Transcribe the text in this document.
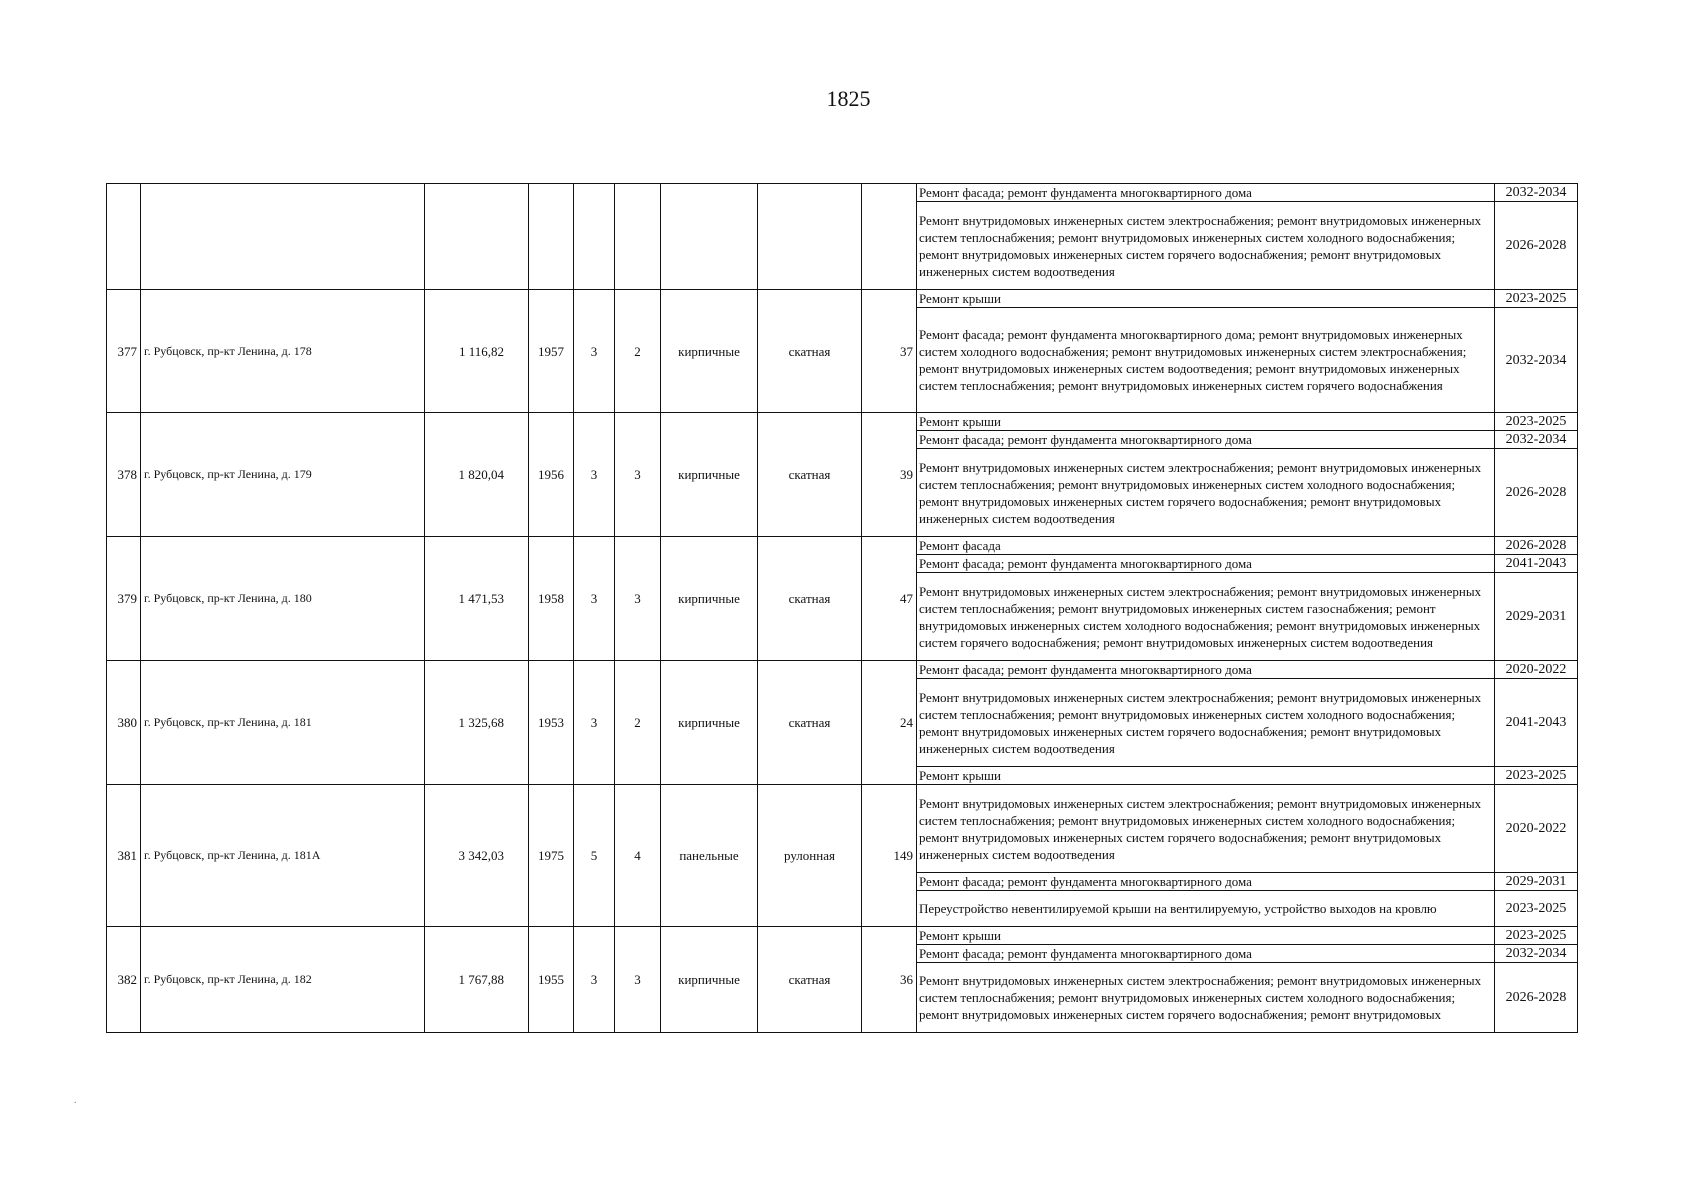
1825
									Ремонт фасада; ремонт фундамента многоквартирного дома	2032-2034
									Ремонт внутридомовых инженерных систем электроснабжения; ремонт внутридомовых инженерных систем теплоснабжения; ремонт внутридомовых инженерных систем холодного водоснабжения; ремонт внутридомовых инженерных систем горячего водоснабжения; ремонт внутридомовых инженерных систем водоотведения	2026-2028
377	г. Рубцовск, пр-кт Ленина, д. 178	1 116,82	1957	3	2	кирпичные	скатная	37	Ремонт крыши	2023-2025
									Ремонт фасада; ремонт фундамента многоквартирного дома; ремонт внутридомовых инженерных систем холодного водоснабжения; ремонт внутридомовых инженерных систем электроснабжения; ремонт внутридомовых инженерных систем водоотведения; ремонт внутридомовых инженерных систем теплоснабжения; ремонт внутридомовых инженерных систем горячего водоснабжения	2032-2034
378	г. Рубцовск, пр-кт Ленина, д. 179	1 820,04	1956	3	3	кирпичные	скатная	39	Ремонт крыши	2023-2025
									Ремонт фасада; ремонт фундамента многоквартирного дома	2032-2034
									Ремонт внутридомовых инженерных систем электроснабжения; ремонт внутридомовых инженерных систем теплоснабжения; ремонт внутридомовых инженерных систем холодного водоснабжения; ремонт внутридомовых инженерных систем горячего водоснабжения; ремонт внутридомовых инженерных систем водоотведения	2026-2028
379	г. Рубцовск, пр-кт Ленина, д. 180	1 471,53	1958	3	3	кирпичные	скатная	47	Ремонт фасада	2026-2028
									Ремонт фасада; ремонт фундамента многоквартирного дома	2041-2043
									Ремонт внутридомовых инженерных систем электроснабжения; ремонт внутридомовых инженерных систем теплоснабжения; ремонт внутридомовых инженерных систем газоснабжения; ремонт внутридомовых инженерных систем холодного водоснабжения; ремонт внутридомовых инженерных систем горячего водоснабжения; ремонт внутридомовых инженерных систем водоотведения	2029-2031
380	г. Рубцовск, пр-кт Ленина, д. 181	1 325,68	1953	3	2	кирпичные	скатная	24	Ремонт фасада; ремонт фундамента многоквартирного дома	2020-2022
									Ремонт внутридомовых инженерных систем электроснабжения; ремонт внутридомовых инженерных систем теплоснабжения; ремонт внутридомовых инженерных систем холодного водоснабжения; ремонт внутридомовых инженерных систем горячего водоснабжения; ремонт внутридомовых инженерных систем водоотведения	2041-2043
									Ремонт крыши	2023-2025
381	г. Рубцовск, пр-кт Ленина, д. 181А	3 342,03	1975	5	4	панельные	рулонная	149	Ремонт внутридомовых инженерных систем электроснабжения; ремонт внутридомовых инженерных систем теплоснабжения; ремонт внутридомовых инженерных систем холодного водоснабжения; ремонт внутридомовых инженерных систем горячего водоснабжения; ремонт внутридомовых инженерных систем водоотведения	2020-2022
									Ремонт фасада; ремонт фундамента многоквартирного дома	2029-2031
									Переустройство невентилируемой крыши на вентилируемую, устройство выходов на кровлю	2023-2025
382	г. Рубцовск, пр-кт Ленина, д. 182	1 767,88	1955	3	3	кирпичные	скатная	36	Ремонт крыши	2023-2025
									Ремонт фасада; ремонт фундамента многоквартирного дома	2032-2034
									Ремонт внутридомовых инженерных систем электроснабжения; ремонт внутридомовых инженерных систем теплоснабжения; ремонт внутридомовых инженерных систем холодного водоснабжения; ремонт внутридомовых инженерных систем горячего водоснабжения; ремонт внутридомовых	2026-2028
.
